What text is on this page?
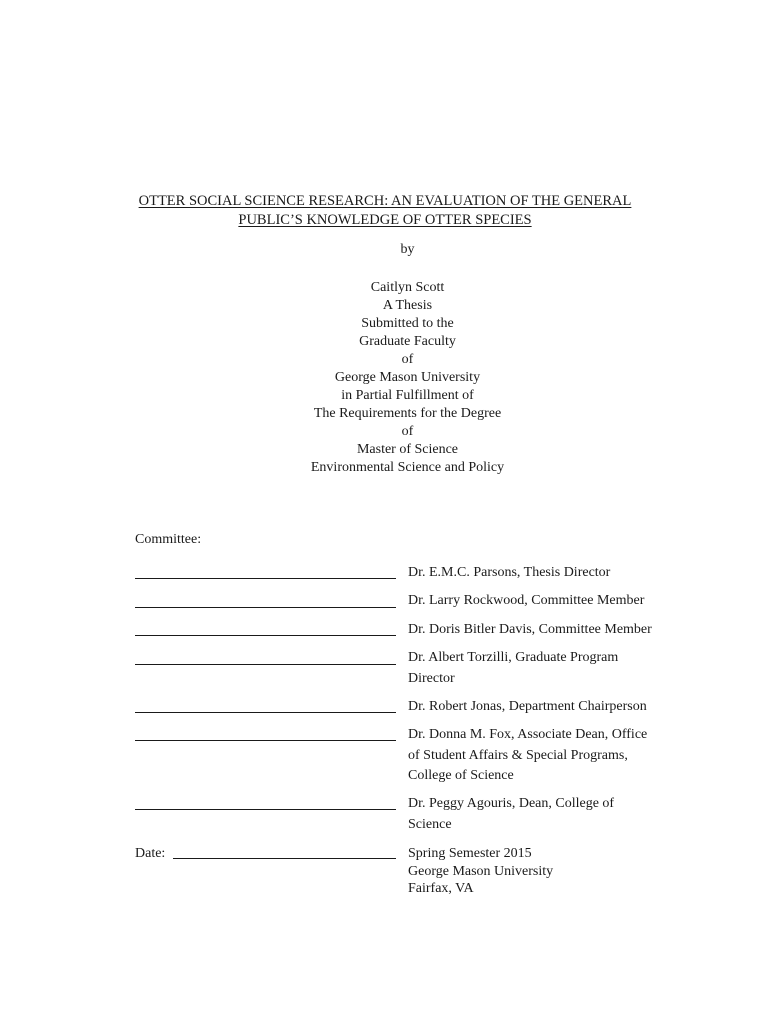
OTTER SOCIAL SCIENCE RESEARCH: AN EVALUATION OF THE GENERAL
PUBLIC’S KNOWLEDGE OF OTTER SPECIES
by
Caitlyn Scott
A Thesis
Submitted to the
Graduate Faculty
of
George Mason University
in Partial Fulfillment of
The Requirements for the Degree
of
Master of Science
Environmental Science and Policy
Committee:
Dr. E.M.C. Parsons, Thesis Director
Dr. Larry Rockwood, Committee Member
Dr. Doris Bitler Davis, Committee Member
Dr. Albert Torzilli, Graduate Program
Director
Dr. Robert Jonas, Department Chairperson
Dr. Donna M. Fox, Associate Dean, Office
of Student Affairs & Special Programs,
College of Science
Dr. Peggy Agouris, Dean, College of
Science
Date:	Spring Semester 2015
George Mason University
Fairfax, VA
